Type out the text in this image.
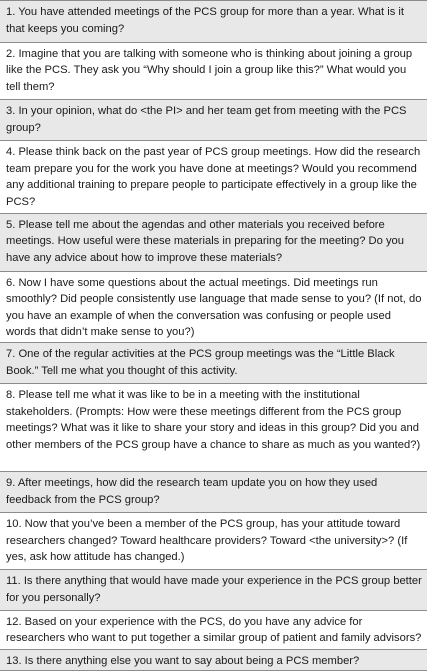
1. You have attended meetings of the PCS group for more than a year. What is it that keeps you coming?
2. Imagine that you are talking with someone who is thinking about joining a group like the PCS. They ask you “Why should I join a group like this?” What would you tell them?
3. In your opinion, what do <the PI> and her team get from meeting with the PCS group?
4. Please think back on the past year of PCS group meetings. How did the research team prepare you for the work you have done at meetings? Would you recommend any additional training to prepare people to participate effectively in a group like the PCS?
5. Please tell me about the agendas and other materials you received before meetings. How useful were these materials in preparing for the meeting? Do you have any advice about how to improve these materials?
6. Now I have some questions about the actual meetings. Did meetings run smoothly? Did people consistently use language that made sense to you? (If not, do you have an example of when the conversation was confusing or people used words that didn’t make sense to you?)
7. One of the regular activities at the PCS group meetings was the “Little Black Book.” Tell me what you thought of this activity.
8. Please tell me what it was like to be in a meeting with the institutional stakeholders. (Prompts: How were these meetings different from the PCS group meetings? What was it like to share your story and ideas in this group? Did you and other members of the PCS group have a chance to share as much as you wanted?)
9. After meetings, how did the research team update you on how they used feedback from the PCS group?
10. Now that you’ve been a member of the PCS group, has your attitude toward researchers changed? Toward healthcare providers? Toward <the university>? (If yes, ask how attitude has changed.)
11. Is there anything that would have made your experience in the PCS group better for you personally?
12. Based on your experience with the PCS, do you have any advice for researchers who want to put together a similar group of patient and family advisors?
13. Is there anything else you want to say about being a PCS member?
